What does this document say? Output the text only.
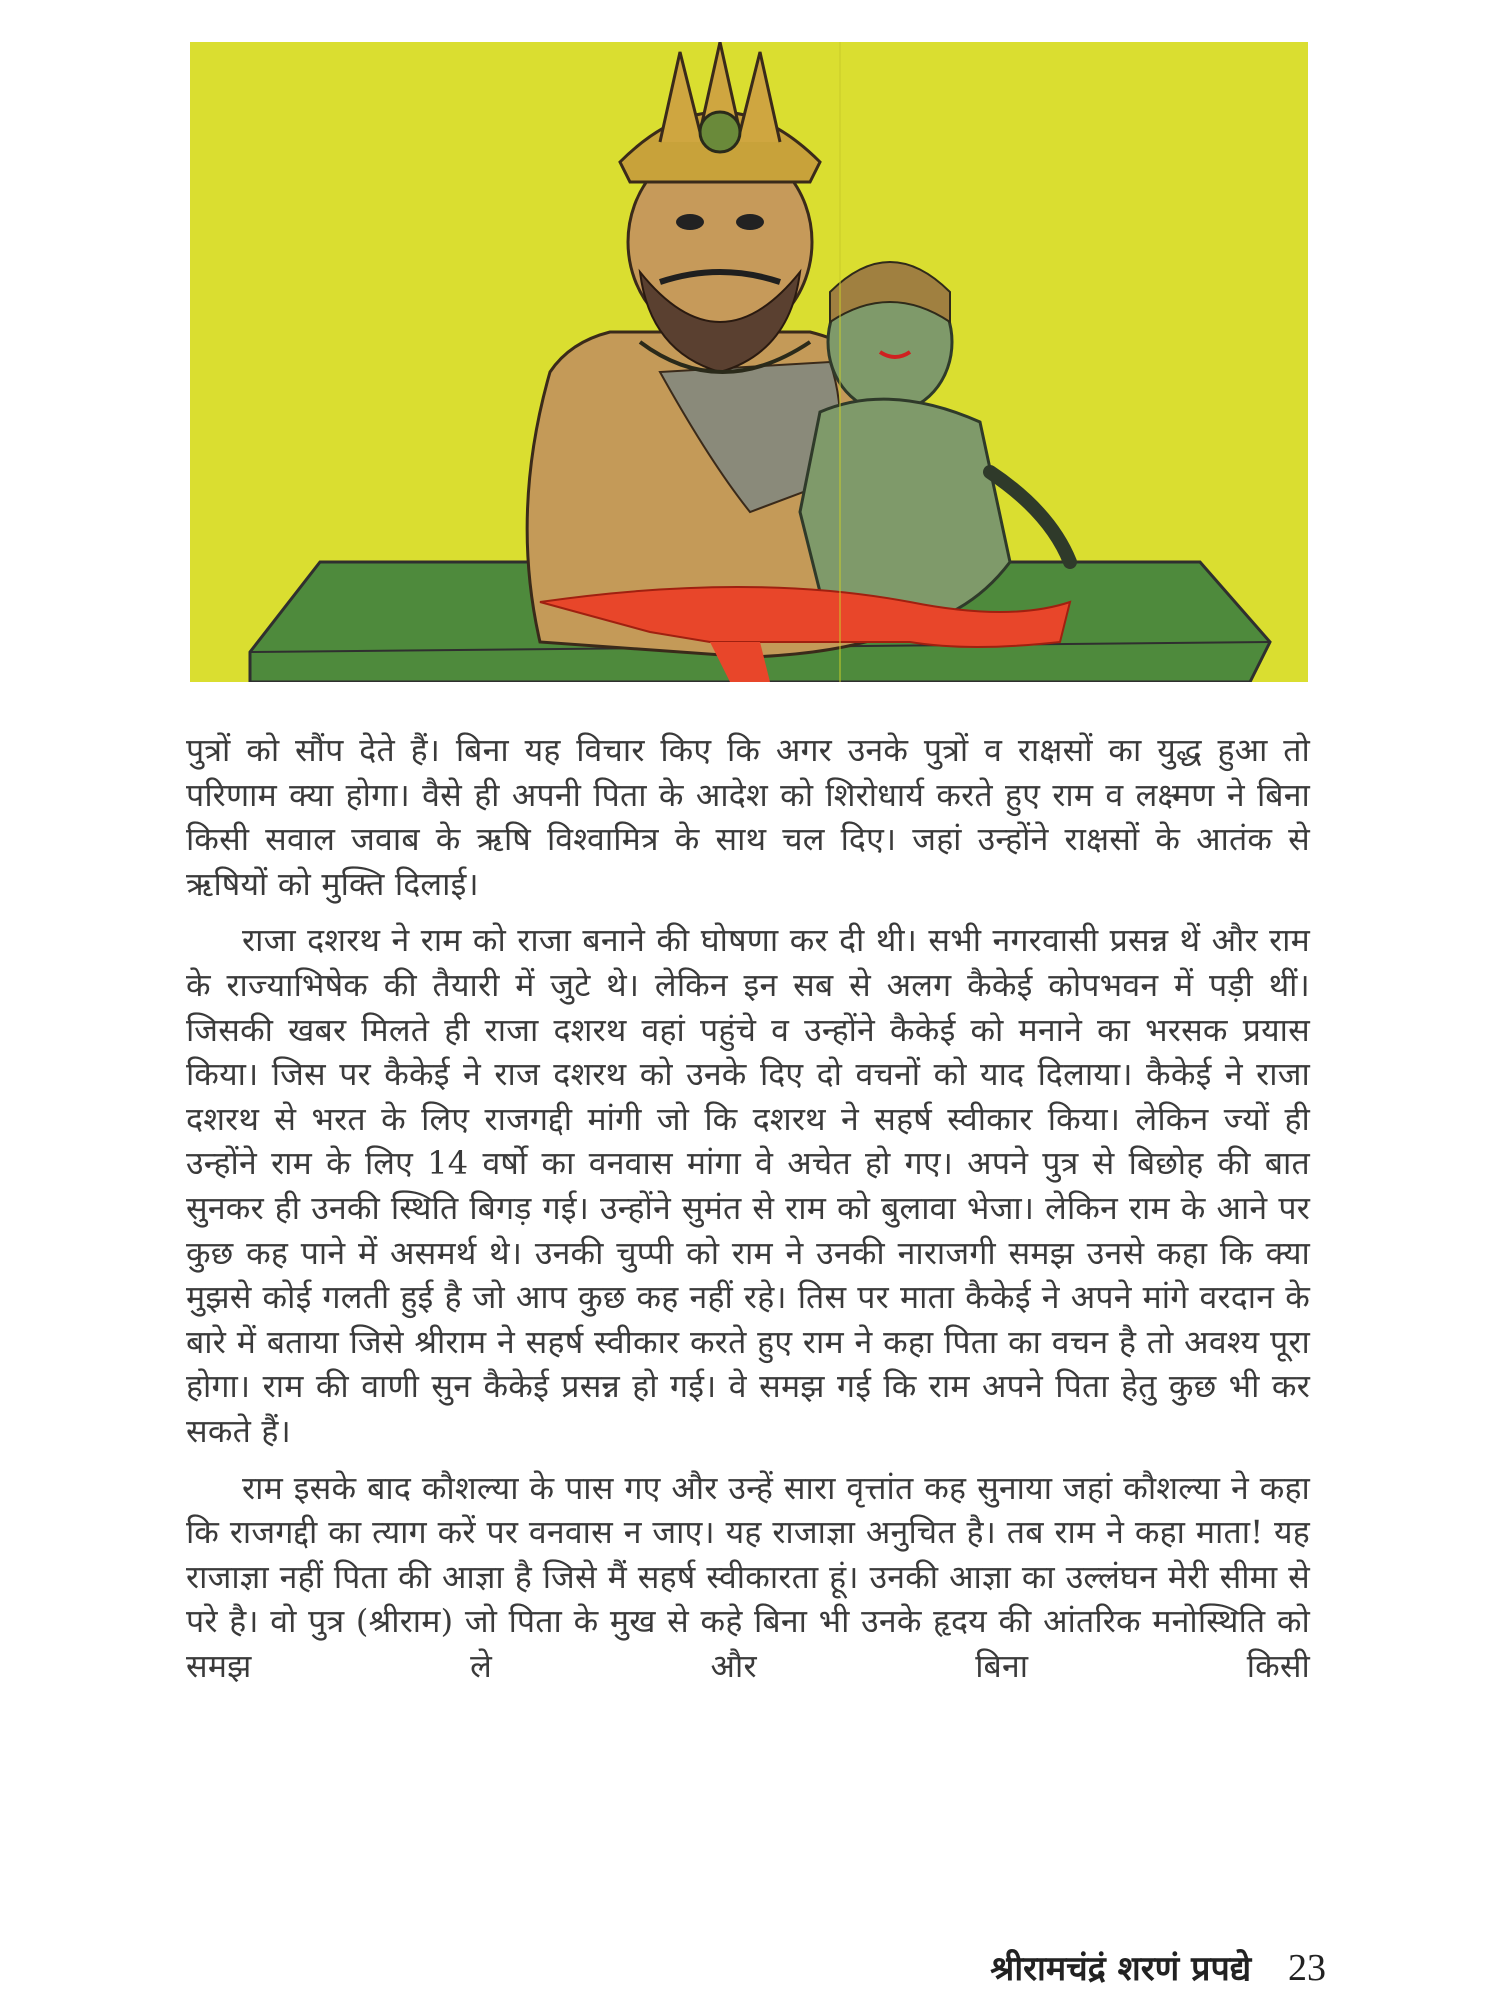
पुत्रों को सौंप देते हैं। बिना यह विचार किए कि अगर उनके पुत्रों व राक्षसों का युद्ध हुआ तो परिणाम क्या होगा। वैसे ही अपनी पिता के आदेश को शिरोधार्य करते हुए राम व लक्ष्मण ने बिना किसी सवाल जवाब के ऋषि विश्वामित्र के साथ चल दिए। जहां उन्होंने राक्षसों के आतंक से ऋषियों को मुक्ति दिलाई।

राजा दशरथ ने राम को राजा बनाने की घोषणा कर दी थी। सभी नगरवासी प्रसन्न थें और राम के राज्याभिषेक की तैयारी में जुटे थे। लेकिन इन सब से अलग कैकेई कोपभवन में पड़ी थीं। जिसकी खबर मिलते ही राजा दशरथ वहां पहुंचे व उन्होंने कैकेई को मनाने का भरसक प्रयास किया। जिस पर कैकेई ने राज दशरथ को उनके दिए दो वचनों को याद दिलाया। कैकेई ने राजा दशरथ से भरत के लिए राजगद्दी मांगी जो कि दशरथ ने सहर्ष स्वीकार किया। लेकिन ज्यों ही उन्होंने राम के लिए 14 वर्षो का वनवास मांगा वे अचेत हो गए। अपने पुत्र से बिछोह की बात सुनकर ही उनकी स्थिति बिगड़ गई। उन्होंने सुमंत से राम को बुलावा भेजा। लेकिन राम के आने पर कुछ कह पाने में असमर्थ थे। उनकी चुप्पी को राम ने उनकी नाराजगी समझ उनसे कहा कि क्या मुझसे कोई गलती हुई है जो आप कुछ कह नहीं रहे। तिस पर माता कैकेई ने अपने मांगे वरदान के बारे में बताया जिसे श्रीराम ने सहर्ष स्वीकार करते हुए राम ने कहा पिता का वचन है तो अवश्य पूरा होगा। राम की वाणी सुन कैकेई प्रसन्न हो गई। वे समझ गई कि राम अपने पिता हेतु कुछ भी कर सकते हैं।

राम इसके बाद कौशल्या के पास गए और उन्हें सारा वृत्तांत कह सुनाया जहां कौशल्या ने कहा कि राजगद्दी का त्याग करें पर वनवास न जाए। यह राजाज्ञा अनुचित है। तब राम ने कहा माता! यह राजाज्ञा नहीं पिता की आज्ञा है जिसे मैं सहर्ष स्वीकारता हूं। उनकी आज्ञा का उल्लंघन मेरी सीमा से परे है। वो पुत्र (श्रीराम) जो पिता के मुख से कहे बिना भी उनके हृदय की आंतरिक मनोस्थिति को समझ ले और बिना किसी

श्रीरामचंद्रं शरणं प्रपद्ये 23
